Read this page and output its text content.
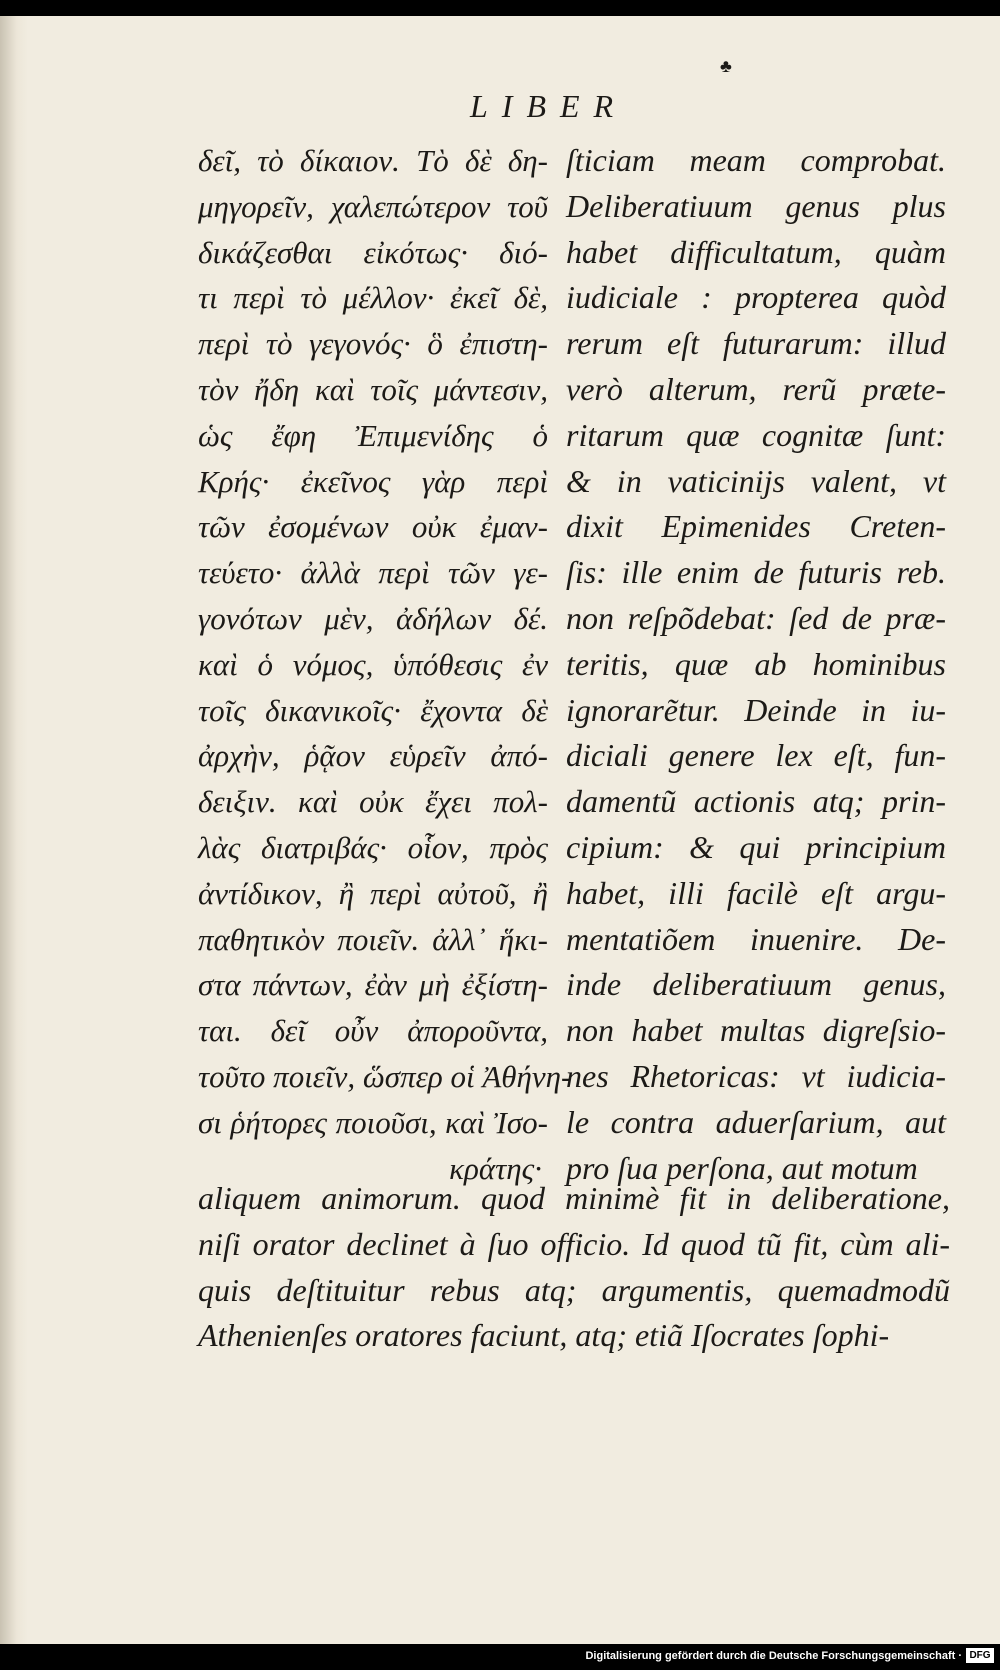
♣
LIBER
δεῖ, τὸ δίκαιον. Τὸ δὲ δη-
μηγορεῖν, χαλεπώτερον τοῦ
δικάζεσθαι εἰκότως· διό-
τι περὶ τὸ μέλλον· ἐκεῖ δὲ,
περὶ τὸ γεγονός· ὃ ἐπιστη-
τὸν ἤδη καὶ τοῖς μάντεσιν,
ὡς ἔφη Ἐπιμενίδης ὁ
Κρής· ἐκεῖνος γὰρ περὶ
τῶν ἐσομένων οὐκ ἐμαν-
τεύετο· ἀλλὰ περὶ τῶν γε-
γονότων μὲν, ἀδήλων δέ.
καὶ ὁ νόμος, ὑπόθεσις ἐν
τοῖς δικανικοῖς· ἔχοντα δὲ
ἀρχὴν, ῥᾷον εὑρεῖν ἀπό-
δειξιν. καὶ οὐκ ἔχει πολ-
λὰς διατριβάς· οἷον, πρὸς
ἀντίδικον, ἢ περὶ αὐτοῦ, ἢ
παθητικὸν ποιεῖν. ἀλλ᾽ ἥκι-
στα πάντων, ἐὰν μὴ ἐξίστη-
ται. δεῖ οὖν ἀποροῦντα,
τοῦτο ποιεῖν, ὥσπερ οἱ Ἀθήνη-
σι ῥήτορες ποιοῦσι, καὶ Ἰσο-
κράτης·
ſticiam meam comprobat.
Deliberatiuum genus plus
habet difficultatum, quàm
iudiciale : propterea quòd
rerum eſt futurarum: illud
verò alterum, rerũ præte-
ritarum quæ cognitæ ſunt:
& in vaticinijs valent, vt
dixit Epimenides Creten-
ſis: ille enim de futuris reb.
non reſpõdebat: ſed de præ-
teritis, quæ ab hominibus
ignorarẽtur. Deinde in iu-
diciali genere lex eſt, fun-
damentũ actionis atq; prin-
cipium: & qui principium
habet, illi facilè eſt argu-
mentatiõem inuenire. De-
inde deliberatiuum genus,
non habet multas digreſsio-
nes Rhetoricas: vt iudicia-
le contra aduerſarium, aut
pro ſua perſona, aut motum
aliquem animorum. quod minimè fit in deliberatione,
niſi orator declinet à ſuo officio. Id quod tũ fit, cùm ali-
quis deſtituitur rebus atq; argumentis, quemadmodũ
Athenienſes oratores faciunt, atq; etiã Iſocrates ſophi-
Digitalisierung gefördert durch die Deutsche Forschungsgemeinschaft · DFG
